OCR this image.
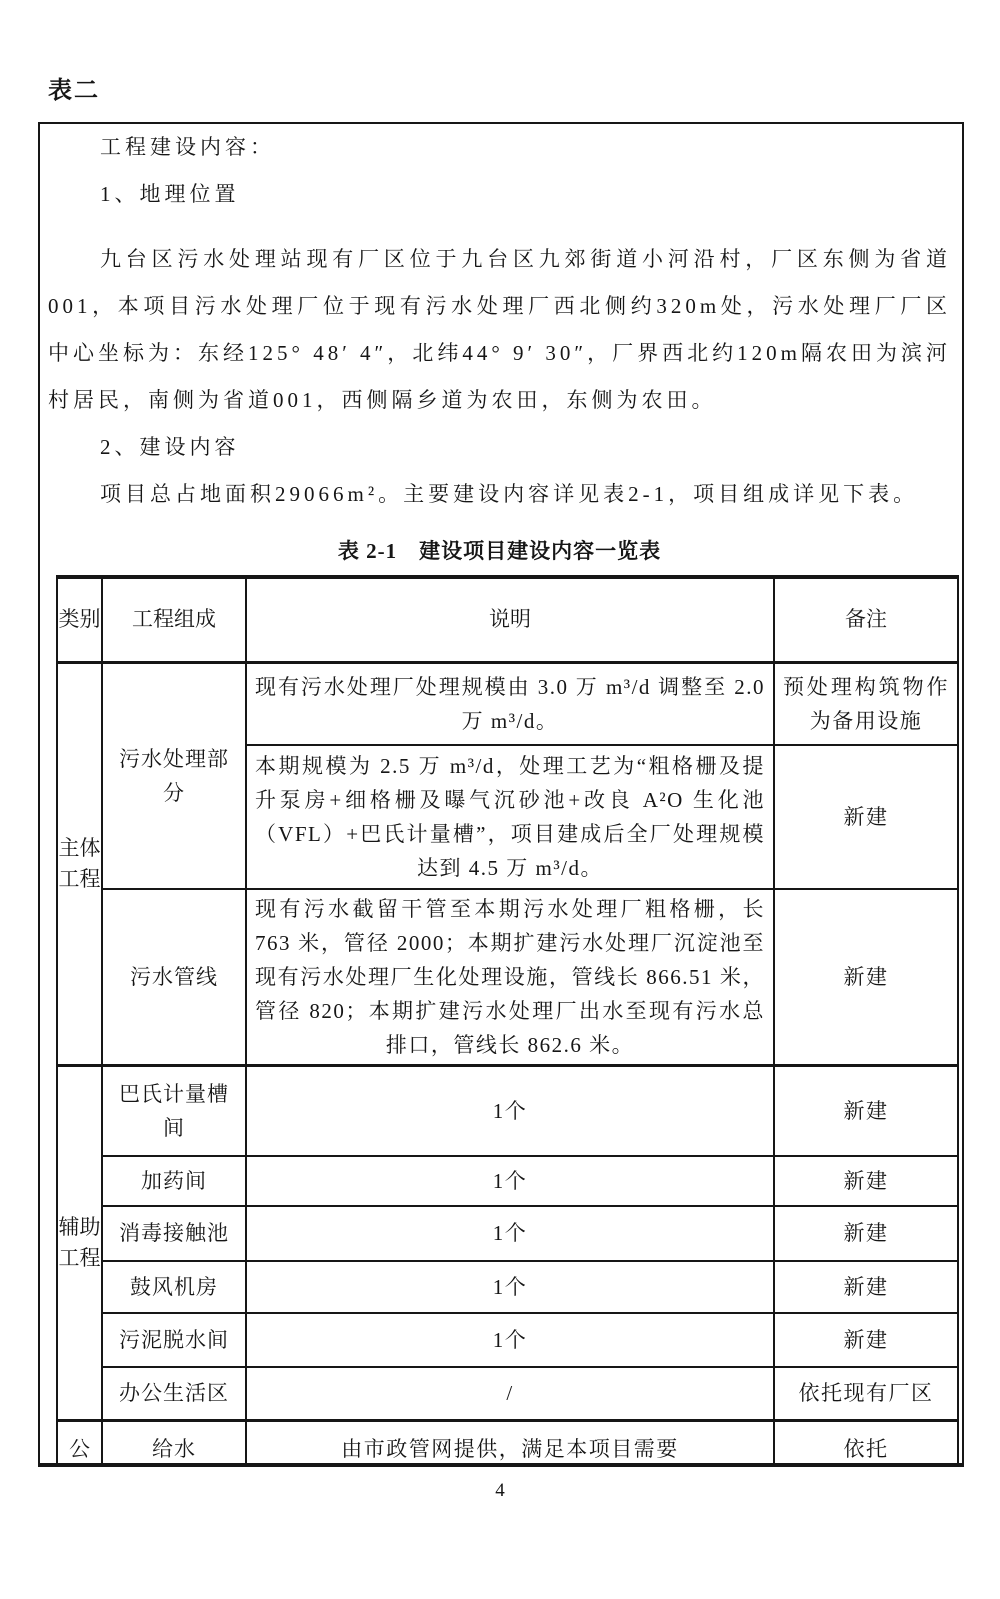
表二

工程建设内容：

1、地理位置

九台区污水处理站现有厂区位于九台区九郊街道小河沿村，厂区东侧为省道001，本项目污水处理厂位于现有污水处理厂西北侧约320m处，污水处理厂厂区中心坐标为：东经125° 48′ 4″，北纬44° 9′ 30″，厂界西北约120m隔农田为滨河村居民，南侧为省道001，西侧隔乡道为农田，东侧为农田。

2、建设内容

项目总占地面积29066m²。主要建设内容详见表2-1，项目组成详见下表。

表 2-1　建设项目建设内容一览表
类别	工程组成	说明	备注
主体工程	污水处理部分	现有污水处理厂处理规模由 3.0 万 m³/d 调整至 2.0 万 m³/d。	预处理构筑物作为备用设施
		本期规模为 2.5 万 m³/d，处理工艺为“粗格栅及提升泵房+细格栅及曝气沉砂池+改良 A²O 生化池（VFL）+巴氏计量槽”，项目建成后全厂处理规模达到 4.5 万 m³/d。	新建
	污水管线	现有污水截留干管至本期污水处理厂粗格栅，长 763 米，管径 2000；本期扩建污水处理厂沉淀池至现有污水处理厂生化处理设施，管线长 866.51 米，管径 820；本期扩建污水处理厂出水至现有污水总排口，管线长 862.6 米。	新建
辅助工程	巴氏计量槽间	1个	新建
	加药间	1个	新建
	消毒接触池	1个	新建
	鼓风机房	1个	新建
	污泥脱水间	1个	新建
	办公生活区	/	依托现有厂区
公	给水	由市政管网提供，满足本项目需要	依托
4
